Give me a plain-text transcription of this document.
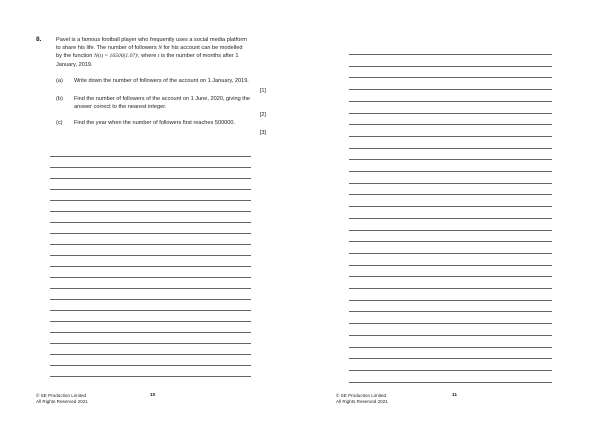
8.	Pavel is a famous football player who frequently uses a social media platform
to share his life. The number of followers N for his account can be modelled
by the function N(t) = 16500(1.07)ᵗ, where t is the number of months after 1
January, 2019.
(a) Write down the number of followers of the account on 1 January, 2019.
[1]
(b) Find the number of followers of the account on 1 June, 2020, giving the answer correct to the nearest integer.
[2]
(c) Find the year when the number of followers first reaches 500000.
[3]
© SE Production Limited
All Rights Reserved 2021
10	© SE Production Limited
All Rights Reserved 2021
11
